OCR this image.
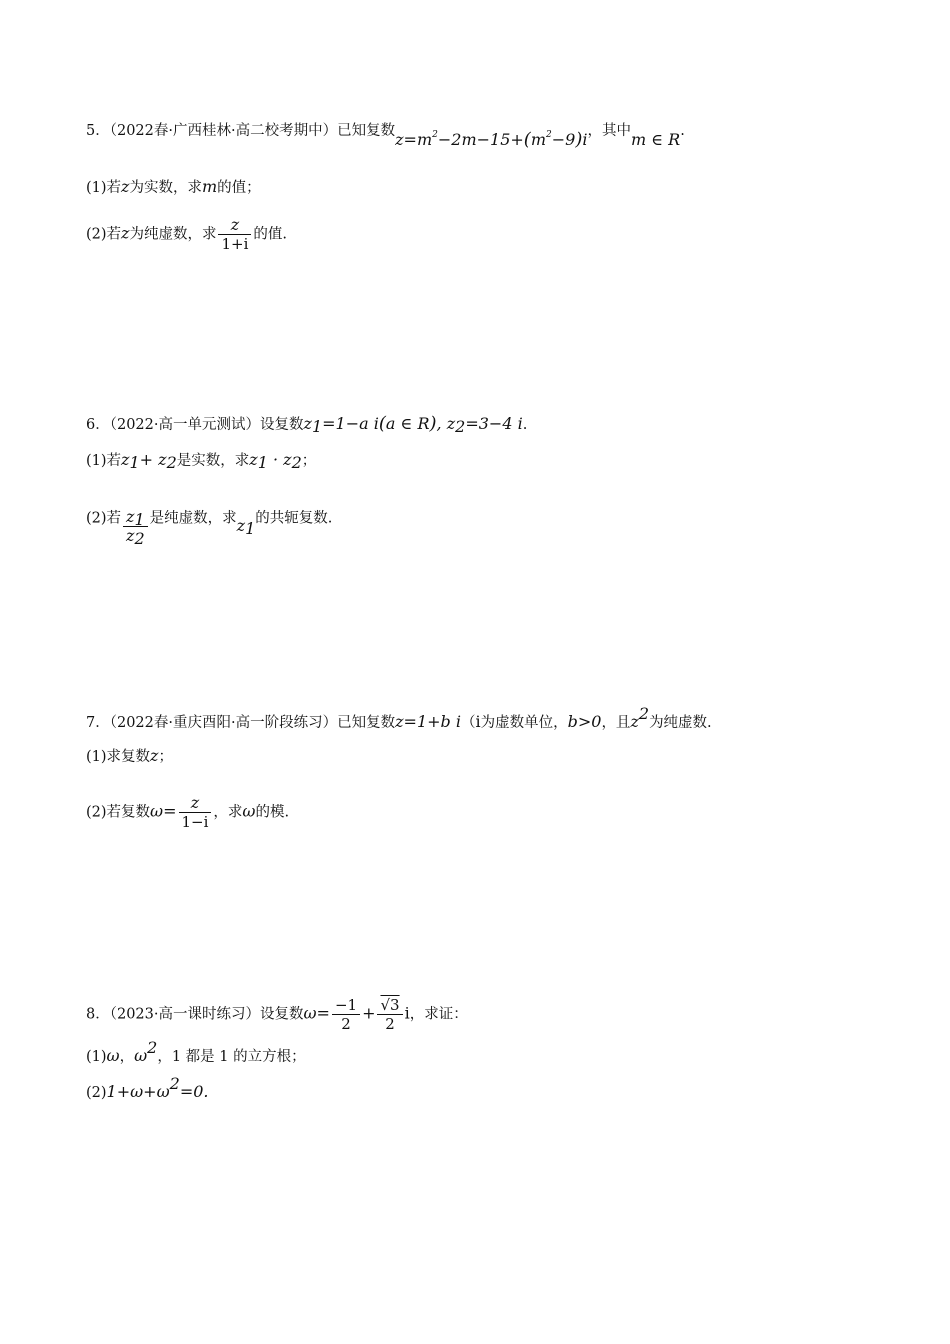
5．（2022春·广西桂林·高二校考期中）已知复数$z=m^2-2m-15+(m^2-9)i$，其中m ∈ R.
(1)若z为实数，求m的值；
(2)若z为纯虚数，求 $\frac{z}{1+i}$ 的值.
6．（2022·高一单元测试）设复数$z_1=1-a$ i(a ∈ R), $z_2=3-4$ i.
(1)若$z_1+ z_2$是实数，求$z_1 \cdot z_2$；
(2)若 $\frac{z_1}{z_2}$ 是纯虚数，求$z_1$的共轭复数.
7．（2022春·重庆酉阳·高一阶段练习）已知复数z=1+b i（i为虚数单位，b>0，且$z^2$为纯虚数.
(1)求复数z；
(2)若复数$\omega= \frac{z}{1-i}$ ，求ω的模.
8．（2023·高一课时练习）设复数$\omega= \frac{-1}{2} + \frac{√3}{2}$ i，求证：
(1)ω，$\omega^2$，1 都是 1 的立方根；
$(2)1+\omega+\omega^2=0$.
